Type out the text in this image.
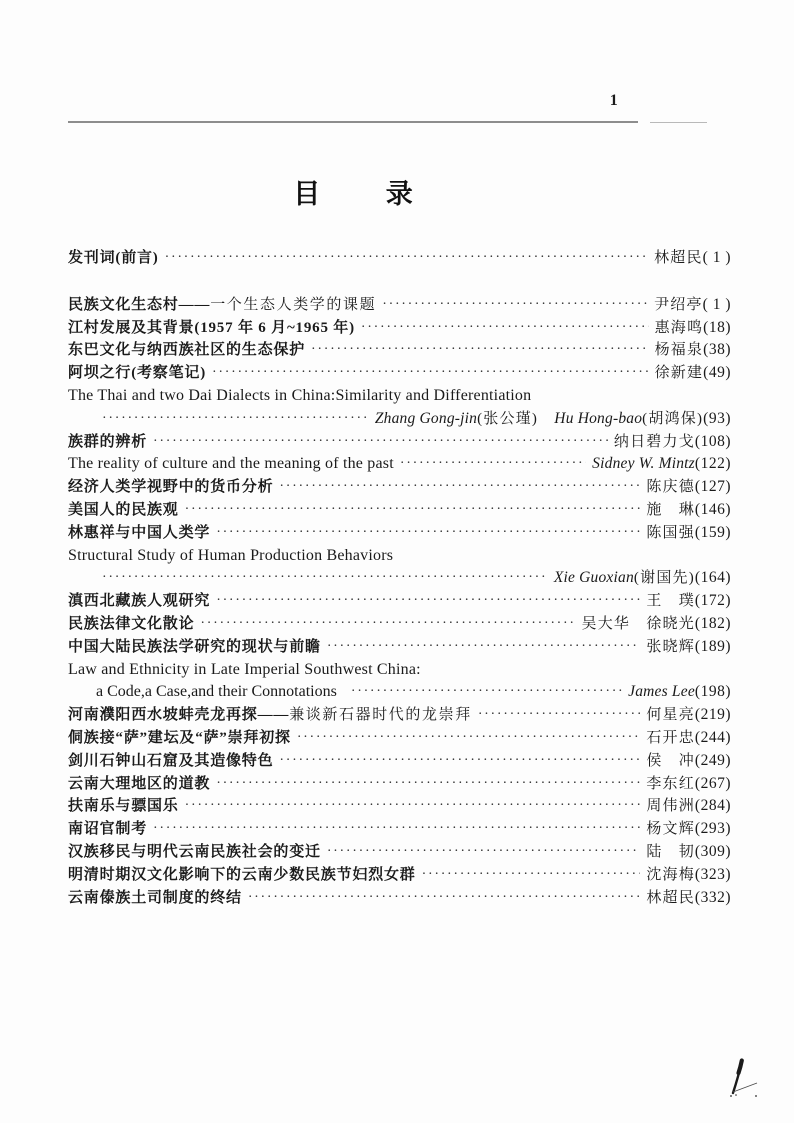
1
目 录
发刊词(前言) ·····	林超民 ( 1 )
民族文化生态村—— 一个生态人类学的课题 ·····	尹绍亭 ( 1 )
江村发展及其背景(1957 年 6 月~1965 年) ·····	惠海鸣 (18)
东巴文化与纳西族社区的生态保护 ·····	杨福泉 (38)
阿坝之行(考察笔记) ·····	徐新建 (49)
The Thai and two Dai Dialects in China:Similarity and Differentiation
·····
Zhang Gong-jin (张公瑾)　 Hu Hong-bao (胡鸿保) (93)
族群的辨析 ·····	纳日碧力戈 (108)
The reality of culture and the meaning of the past ·····	Sidney W. Mintz (122)
经济人类学视野中的货币分析 ·····	陈庆德 (127)
美国人的民族观 ·····	施　琳 (146)
林惠祥与中国人类学 ·····	陈国强 (159)
Structural Study of Human Production Behaviors
·····
Xie Guoxian (谢国先) (164)
滇西北藏族人观研究 ·····	王　璞 (172)
民族法律文化散论 ·····	吴大华　徐晓光 (182)
中国大陆民族法学研究的现状与前瞻 ·····	张晓辉 (189)
Law and Ethnicity in Late Imperial Southwest China:
a Code,a Case,and their Connotations ·····	James Lee (198)
河南濮阳西水坡蚌壳龙再探—— 兼谈新石器时代的龙崇拜 ·····	何星亮 (219)
侗族接“萨”建坛及“萨”崇拜初探 ·····	石开忠 (244)
剑川石钟山石窟及其造像特色 ·····	侯　冲 (249)
云南大理地区的道教 ·····	李东红 (267)
扶南乐与骠国乐 ·····	周伟洲 (284)
南诏官制考 ·····	杨文辉 (293)
汉族移民与明代云南民族社会的变迁 ·····	陆　韧 (309)
明清时期汉文化影响下的云南少数民族节妇烈女群 ·····	沈海梅 (323)
云南傣族土司制度的终结 ·····	林超民 (332)
